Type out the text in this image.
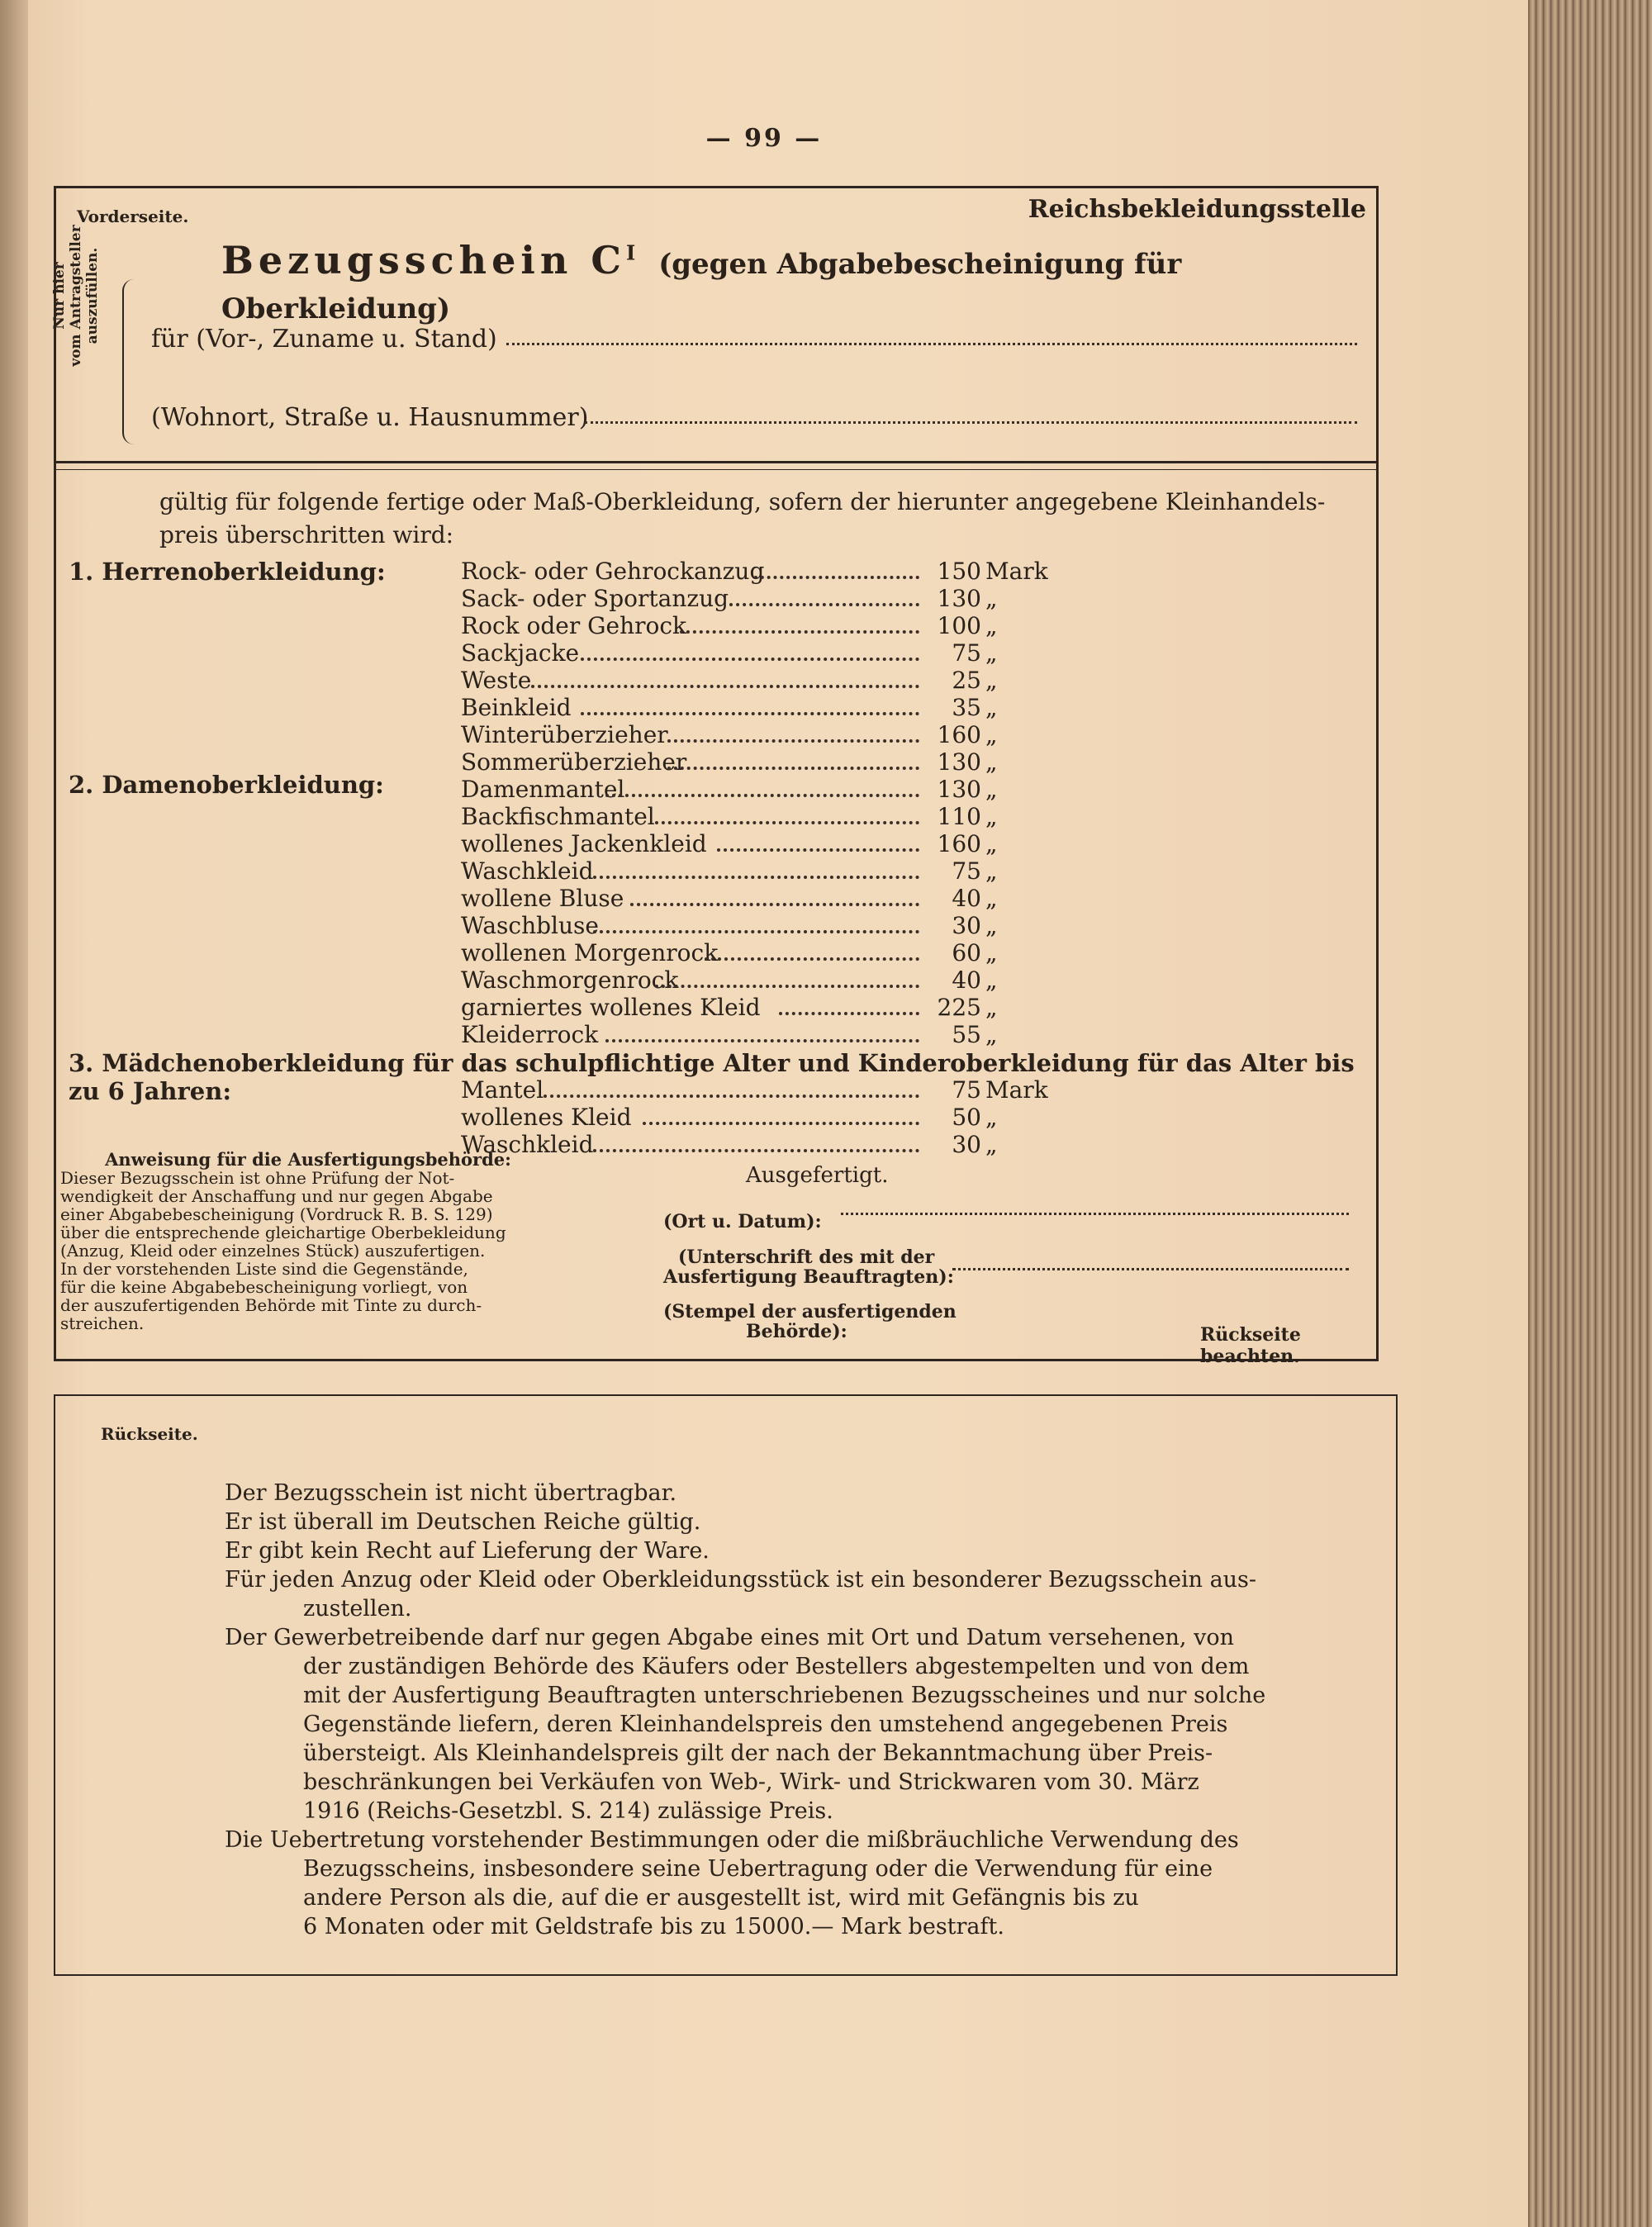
— 99 —
Vorderseite.	Reichsbekleidungsstelle
Bezugsschein $C^I$ (gegen Abgabebescheinigung für Oberkleidung)
Nur hier vom Antragsteller auszufüllen. für (Vor-, Zuname u. Stand)
(Wohnort, Straße u. Hausnummer)
gültig für folgende fertige oder Maß-Oberkleidung, sofern der hierunter angegebene Kleinhandels-
preis überschritten wird:
1. Herrenoberkleidung:
2. Damenoberkleidung:
3. Mädchenoberkleidung für das schulpflichtige Alter und Kinderoberkleidung für das Alter bis zu 6 Jahren:
Rock- oder Gehrockanzug	150 Mark
Sack- oder Sportanzug	130 „
Rock oder Gehrock	100 „
Sackjacke	75 „
Weste	25 „
Beinkleid	35 „
Winterüberzieher	160 „
Sommerüberzieher	130 „
Damenmantel	130 „
Backfischmantel	110 „
wollenes Jackenkleid	160 „
Waschkleid	75 „
wollene Bluse	40 „
Waschbluse	30 „
wollenen Morgenrock	60 „
Waschmorgenrock	40 „
garniertes wollenes Kleid	225 „
Kleiderrock	55 „
Mantel	75 Mark
wollenes Kleid	50 „
Waschkleid	30 „
Anweisung für die Ausfertigungsbehörde:
Dieser Bezugsschein ist ohne Prüfung der Not-
wendigkeit der Anschaffung und nur gegen Abgabe
einer Abgabebescheinigung (Vordruck R. B. S. 129)
über die entsprechende gleichartige Oberbekleidung
(Anzug, Kleid oder einzelnes Stück) auszufertigen.
In der vorstehenden Liste sind die Gegenstände,
für die keine Abgabebescheinigung vorliegt, von
der auszufertigenden Behörde mit Tinte zu durch-
streichen.
Ausgefertigt.
(Ort u. Datum):
(Unterschrift des mit der
Ausfertigung Beauftragten):
(Stempel der ausfertigenden
Behörde):	Rückseite beachten.
Rückseite.

Der Bezugsschein ist nicht übertragbar.

Er ist überall im Deutschen Reiche gültig.

Er gibt kein Recht auf Lieferung der Ware.

Für jeden Anzug oder Kleid oder Oberkleidungsstück ist ein besonderer Bezugsschein aus-

zustellen.

Der Gewerbetreibende darf nur gegen Abgabe eines mit Ort und Datum versehenen, von

der zuständigen Behörde des Käufers oder Bestellers abgestempelten und von dem

mit der Ausfertigung Beauftragten unterschriebenen Bezugsscheines und nur solche

Gegenstände liefern, deren Kleinhandelspreis den umstehend angegebenen Preis

übersteigt. Als Kleinhandelspreis gilt der nach der Bekanntmachung über Preis-

beschränkungen bei Verkäufen von Web-, Wirk- und Strickwaren vom 30. März

1916 (Reichs-Gesetzbl. S. 214) zulässige Preis.

Die Uebertretung vorstehender Bestimmungen oder die mißbräuchliche Verwendung des

Bezugsscheins, insbesondere seine Uebertragung oder die Verwendung für eine

andere Person als die, auf die er ausgestellt ist, wird mit Gefängnis bis zu

6 Monaten oder mit Geldstrafe bis zu 15000.— Mark bestraft.
